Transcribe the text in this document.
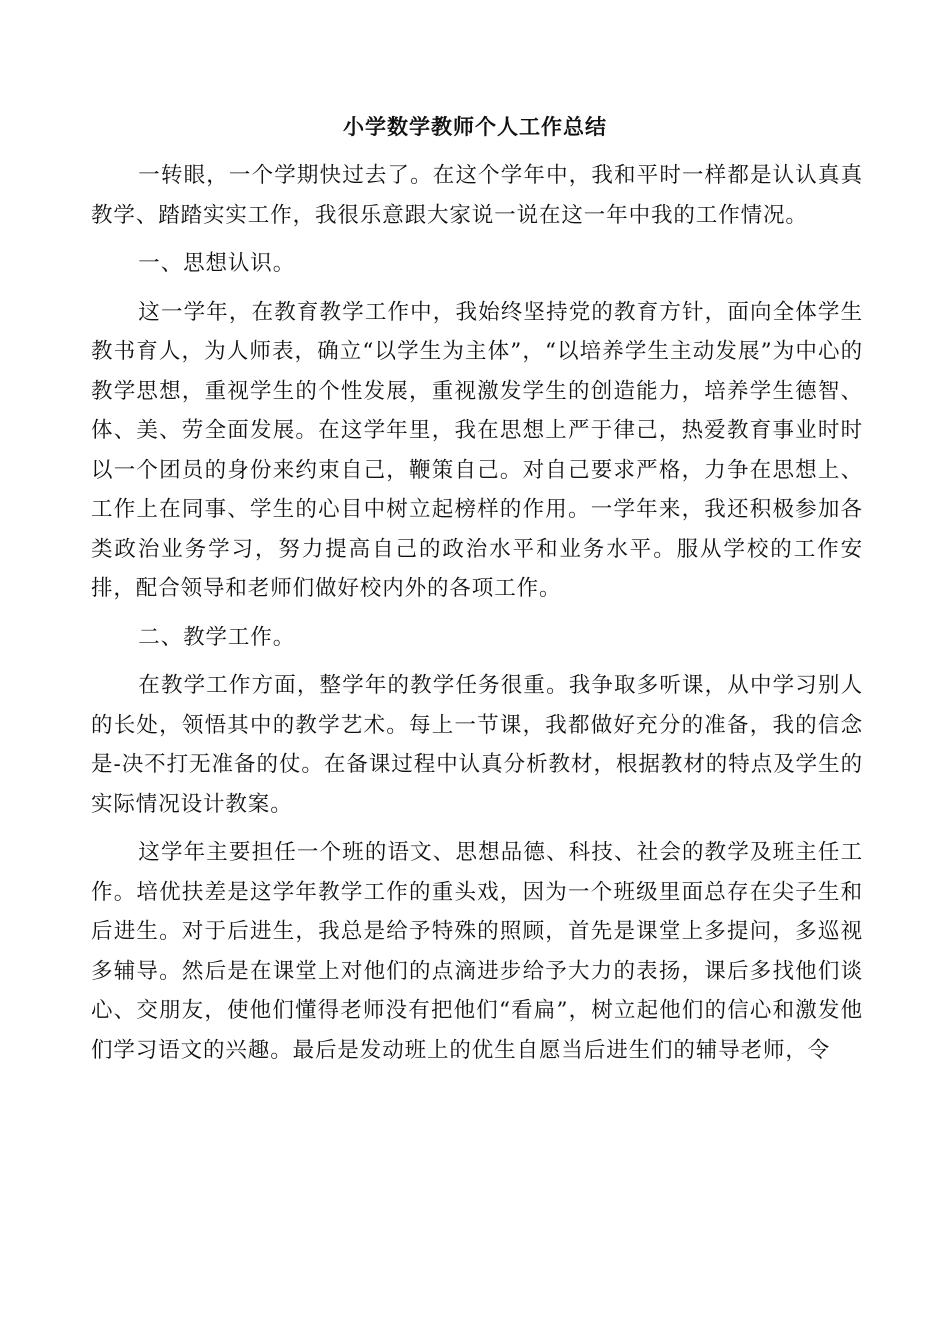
小学数学教师个人工作总结

一转眼，一个学期快过去了。在这个学年中，我和平时一样都是认认真真教学、踏踏实实工作，我很乐意跟大家说一说在这一年中我的工作情况。

一、思想认识。

这一学年，在教育教学工作中，我始终坚持党的教育方针，面向全体学生教书育人，为人师表，确立“以学生为主体”，“以培养学生主动发展”为中心的教学思想，重视学生的个性发展，重视激发学生的创造能力，培养学生德智、体、美、劳全面发展。在这学年里，我在思想上严于律己，热爱教育事业时时以一个团员的身份来约束自己，鞭策自己。对自己要求严格，力争在思想上、工作上在同事、学生的心目中树立起榜样的作用。一学年来，我还积极参加各类政治业务学习，努力提高自己的政治水平和业务水平。服从学校的工作安排，配合领导和老师们做好校内外的各项工作。

二、教学工作。

在教学工作方面，整学年的教学任务很重。我争取多听课，从中学习别人的长处，领悟其中的教学艺术。每上一节课，我都做好充分的准备，我的信念是-决不打无准备的仗。在备课过程中认真分析教材，根据教材的特点及学生的实际情况设计教案。

这学年主要担任一个班的语文、思想品德、科技、社会的教学及班主任工作。培优扶差是这学年教学工作的重头戏，因为一个班级里面总存在尖子生和后进生。对于后进生，我总是给予特殊的照顾，首先是课堂上多提问，多巡视多辅导。然后是在课堂上对他们的点滴进步给予大力的表扬，课后多找他们谈心、交朋友，使他们懂得老师没有把他们“看扁”，树立起他们的信心和激发他们学习语文的兴趣。最后是发动班上的优生自愿当后进生们的辅导老师，令
